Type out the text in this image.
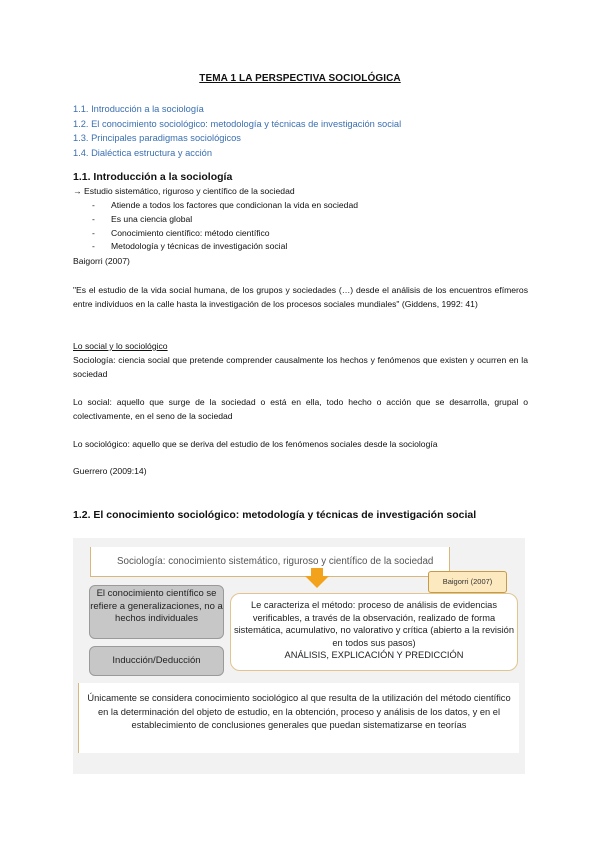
TEMA 1 LA PERSPECTIVA SOCIOLÓGICA
1.1. Introducción a la sociología
1.2. El conocimiento sociológico: metodología y técnicas de investigación social
1.3. Principales paradigmas sociológicos
1.4. Dialéctica estructura y acción
1.1. Introducción a la sociología
→ Estudio sistemático, riguroso y científico de la sociedad
- Atiende a todos los factores que condicionan la vida en sociedad
- Es una ciencia global
- Conocimiento científico: método científico
- Metodología y técnicas de investigación social
Baigorri (2007)
"Es el estudio de la vida social humana, de los grupos y sociedades (…) desde el análisis de los encuentros efímeros entre individuos en la calle hasta la investigación de los procesos sociales mundiales" (Giddens, 1992: 41)
Lo social y lo sociológico
Sociología: ciencia social que pretende comprender causalmente los hechos y fenómenos que existen y ocurren en la sociedad
Lo social: aquello que surge de la sociedad o está en ella, todo hecho o acción que se desarrolla, grupal o colectivamente, en el seno de la sociedad
Lo sociológico: aquello que se deriva del estudio de los fenómenos sociales desde la sociología
Guerrero (2009:14)
1.2. El conocimiento sociológico: metodología y técnicas de investigación social
Sociología: conocimiento sistemático, riguroso y científico de la sociedad
Baigorri (2007)
El conocimiento científico se refiere a generalizaciones, no a hechos individuales
Inducción/Deducción
Le caracteriza el método: proceso de análisis de evidencias verificables, a través de la observación, realizado de forma sistemática, acumulativo, no valorativo y crítica (abierto a la revisión en todos sus pasos)
ANÁLISIS, EXPLICACIÓN Y PREDICCIÓN
Únicamente se considera conocimiento sociológico al que resulta de la utilización del método científico en la determinación del objeto de estudio, en la obtención, proceso y análisis de los datos, y en el establecimiento de conclusiones generales que puedan sistematizarse en teorías
